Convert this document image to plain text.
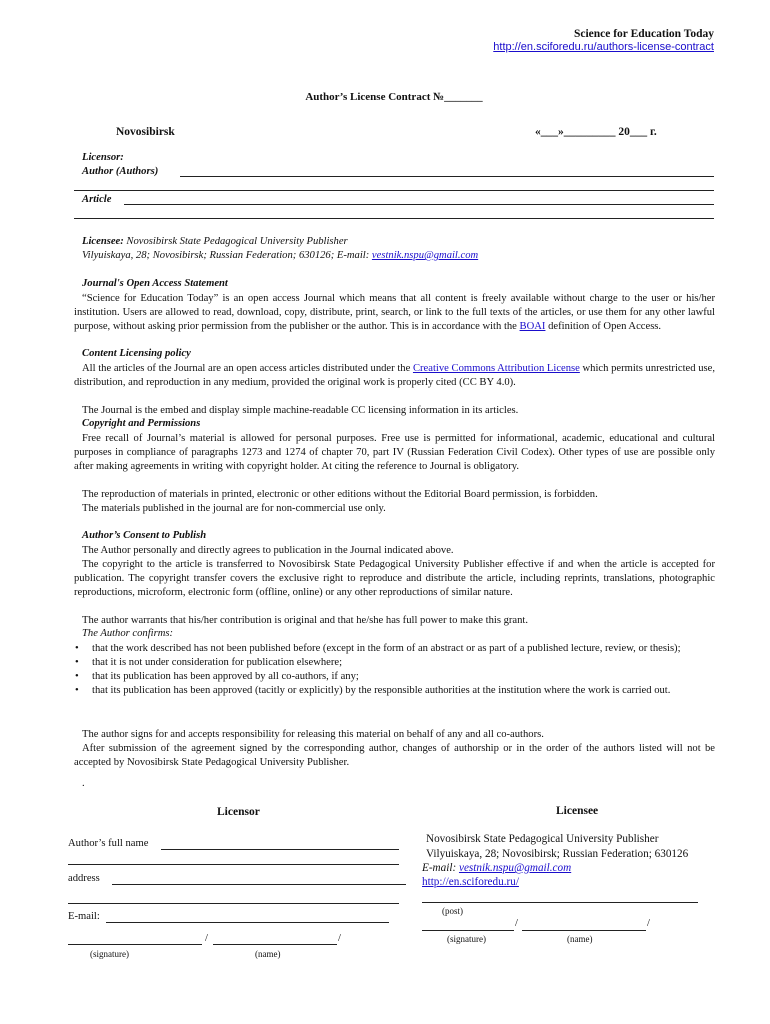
Science for Education Today
http://en.sciforedu.ru/authors-license-contract
Author’s License Contract №_______
Novosibirsk	«___»_________ 20___ г.
Licensor:
Author (Authors)
Article
Licensee: Novosibirsk State Pedagogical University Publisher
Vilyuiskaya, 28; Novosibirsk; Russian Federation; 630126; E-mail: vestnik.nspu@gmail.com
Journal's Open Access Statement
“Science for Education Today” is an open access Journal which means that all content is freely available without charge to the user or his/her institution. Users are allowed to read, download, copy, distribute, print, search, or link to the full texts of the articles, or use them for any other lawful purpose, without asking prior permission from the publisher or the author. This is in accordance with the BOAI definition of Open Access.
Content Licensing policy
All the articles of the Journal are an open access articles distributed under the Creative Commons Attribution License which permits unrestricted use, distribution, and reproduction in any medium, provided the original work is properly cited (CC BY 4.0).
The Journal is the embed and display simple machine-readable CC licensing information in its articles.
Copyright and Permissions
Free recall of Journal’s material is allowed for personal purposes. Free use is permitted for informational, academic, educational and cultural purposes in compliance of paragraphs 1273 and 1274 of chapter 70, part IV (Russian Federation Civil Codex). Other types of use are possible only after making agreements in writing with copyright holder. At citing the reference to Journal is obligatory.
The reproduction of materials in printed, electronic or other editions without the Editorial Board permission, is forbidden.
The materials published in the journal are for non-commercial use only.
Author’s Consent to Publish
The Author personally and directly agrees to publication in the Journal indicated above.
The copyright to the article is transferred to Novosibirsk State Pedagogical University Publisher effective if and when the article is accepted for publication. The copyright transfer covers the exclusive right to reproduce and distribute the article, including reprints, translations, photographic reproductions, microform, electronic form (offline, online) or any other reproductions of similar nature.
The author warrants that his/her contribution is original and that he/she has full power to make this grant.
The Author confirms:
• that the work described has not been published before (except in the form of an abstract or as part of a published lecture, review, or thesis);
• that it is not under consideration for publication elsewhere;
• that its publication has been approved by all co-authors, if any;
• that its publication has been approved (tacitly or explicitly) by the responsible authorities at the institution where the work is carried out.
The author signs for and accepts responsibility for releasing this material on behalf of any and all co-authors.
After submission of the agreement signed by the corresponding author, changes of authorship or in the order of the authors listed will not be accepted by Novosibirsk State Pedagogical University Publisher.
.
Licensor
Author’s full name
address
E-mail:
/	/
(signature)	(name)
Licensee
Novosibirsk State Pedagogical University Publisher
Vilyuiskaya, 28; Novosibirsk; Russian Federation; 630126
E-mail: vestnik.nspu@gmail.com
http://en.sciforedu.ru/
(post)
/	/
(signature)	(name)
